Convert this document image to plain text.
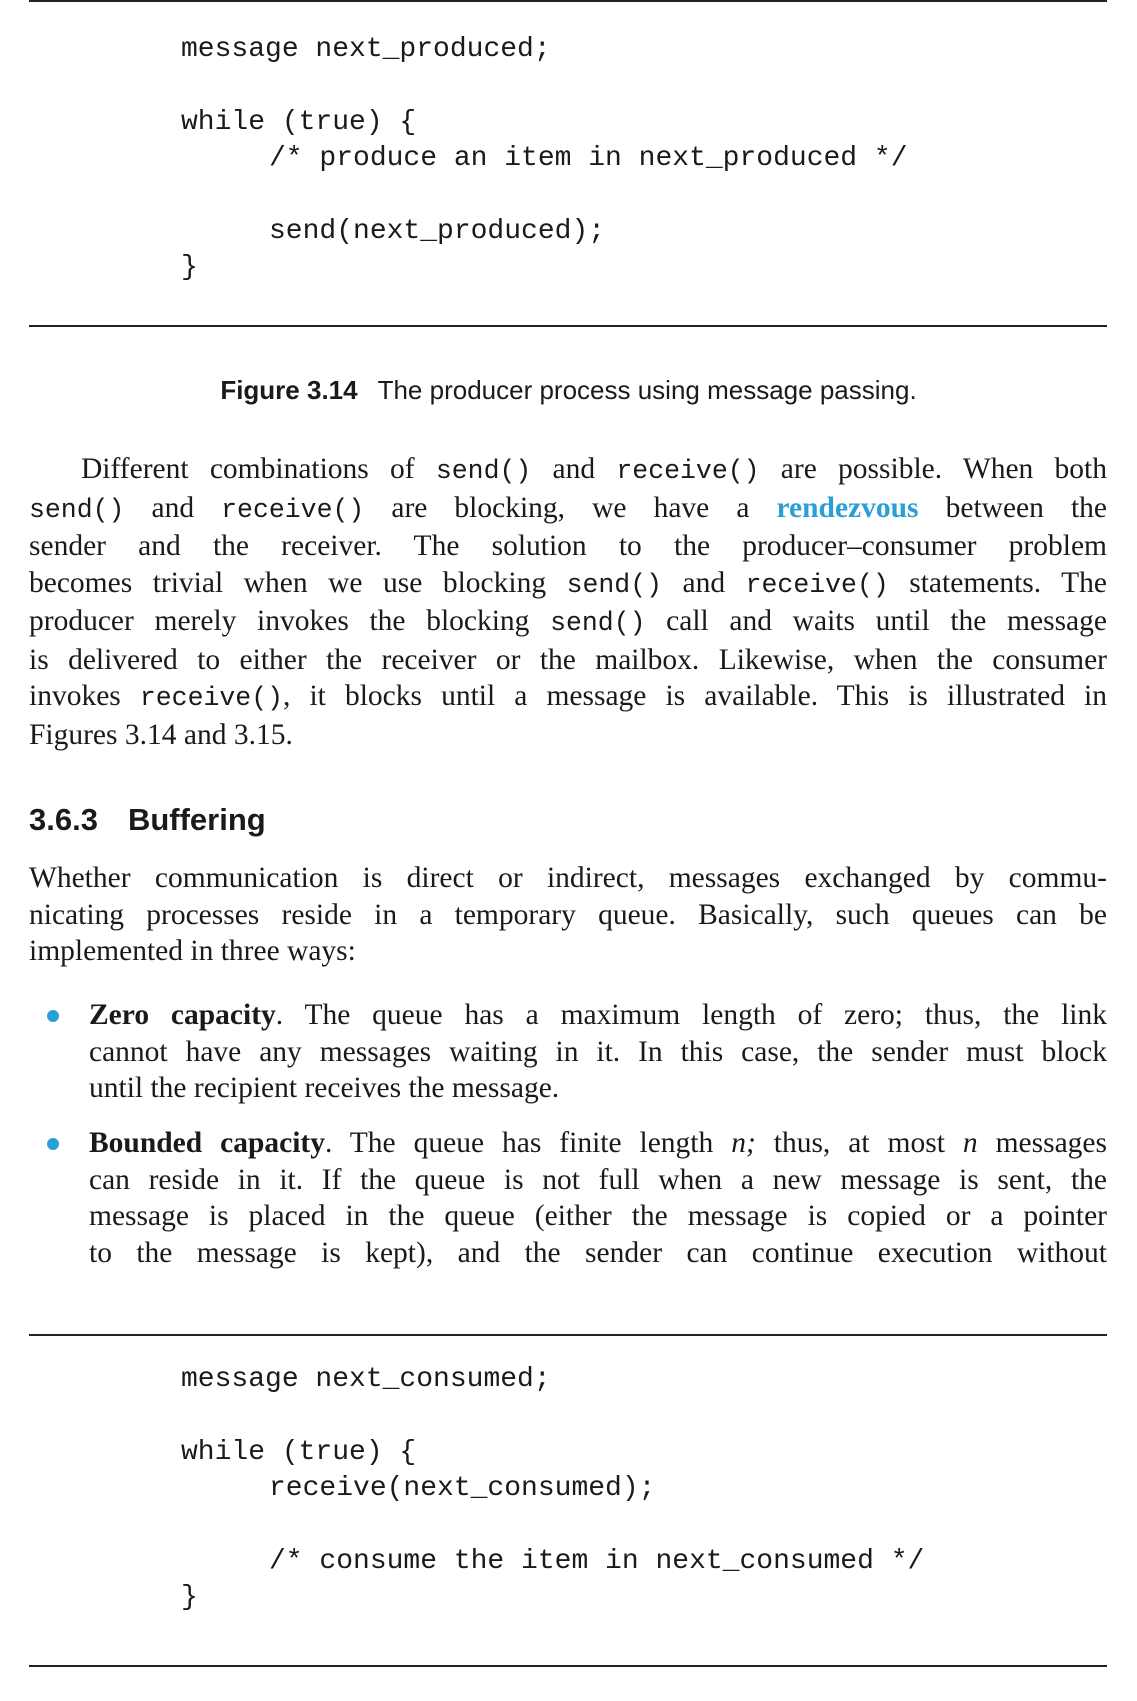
message next_produced;

while (true) {

/* produce an item in next_produced */

send(next_produced);

}

Figure 3.14 The producer process using message passing.
Different combinations of send() and receive() are possible. When both
send() and receive() are blocking, we have a rendezvous between the
sender and the receiver. The solution to the producer–consumer problem
becomes trivial when we use blocking send() and receive() statements. The
producer merely invokes the blocking send() call and waits until the message
is delivered to either the receiver or the mailbox. Likewise, when the consumer
invokes receive(), it blocks until a message is available. This is illustrated in
Figures 3.14 and 3.15.
3.6.3 Buffering
Whether communication is direct or indirect, messages exchanged by commu-
nicating processes reside in a temporary queue. Basically, such queues can be
implemented in three ways:
Zero capacity. The queue has a maximum length of zero; thus, the link
cannot have any messages waiting in it. In this case, the sender must block
until the recipient receives the message.
Bounded capacity. The queue has finite length n; thus, at most n messages
can reside in it. If the queue is not full when a new message is sent, the
message is placed in the queue (either the message is copied or a pointer
to the message is kept), and the sender can continue execution without

message next_consumed;

while (true) {

receive(next_consumed);

/* consume the item in next_consumed */

}
